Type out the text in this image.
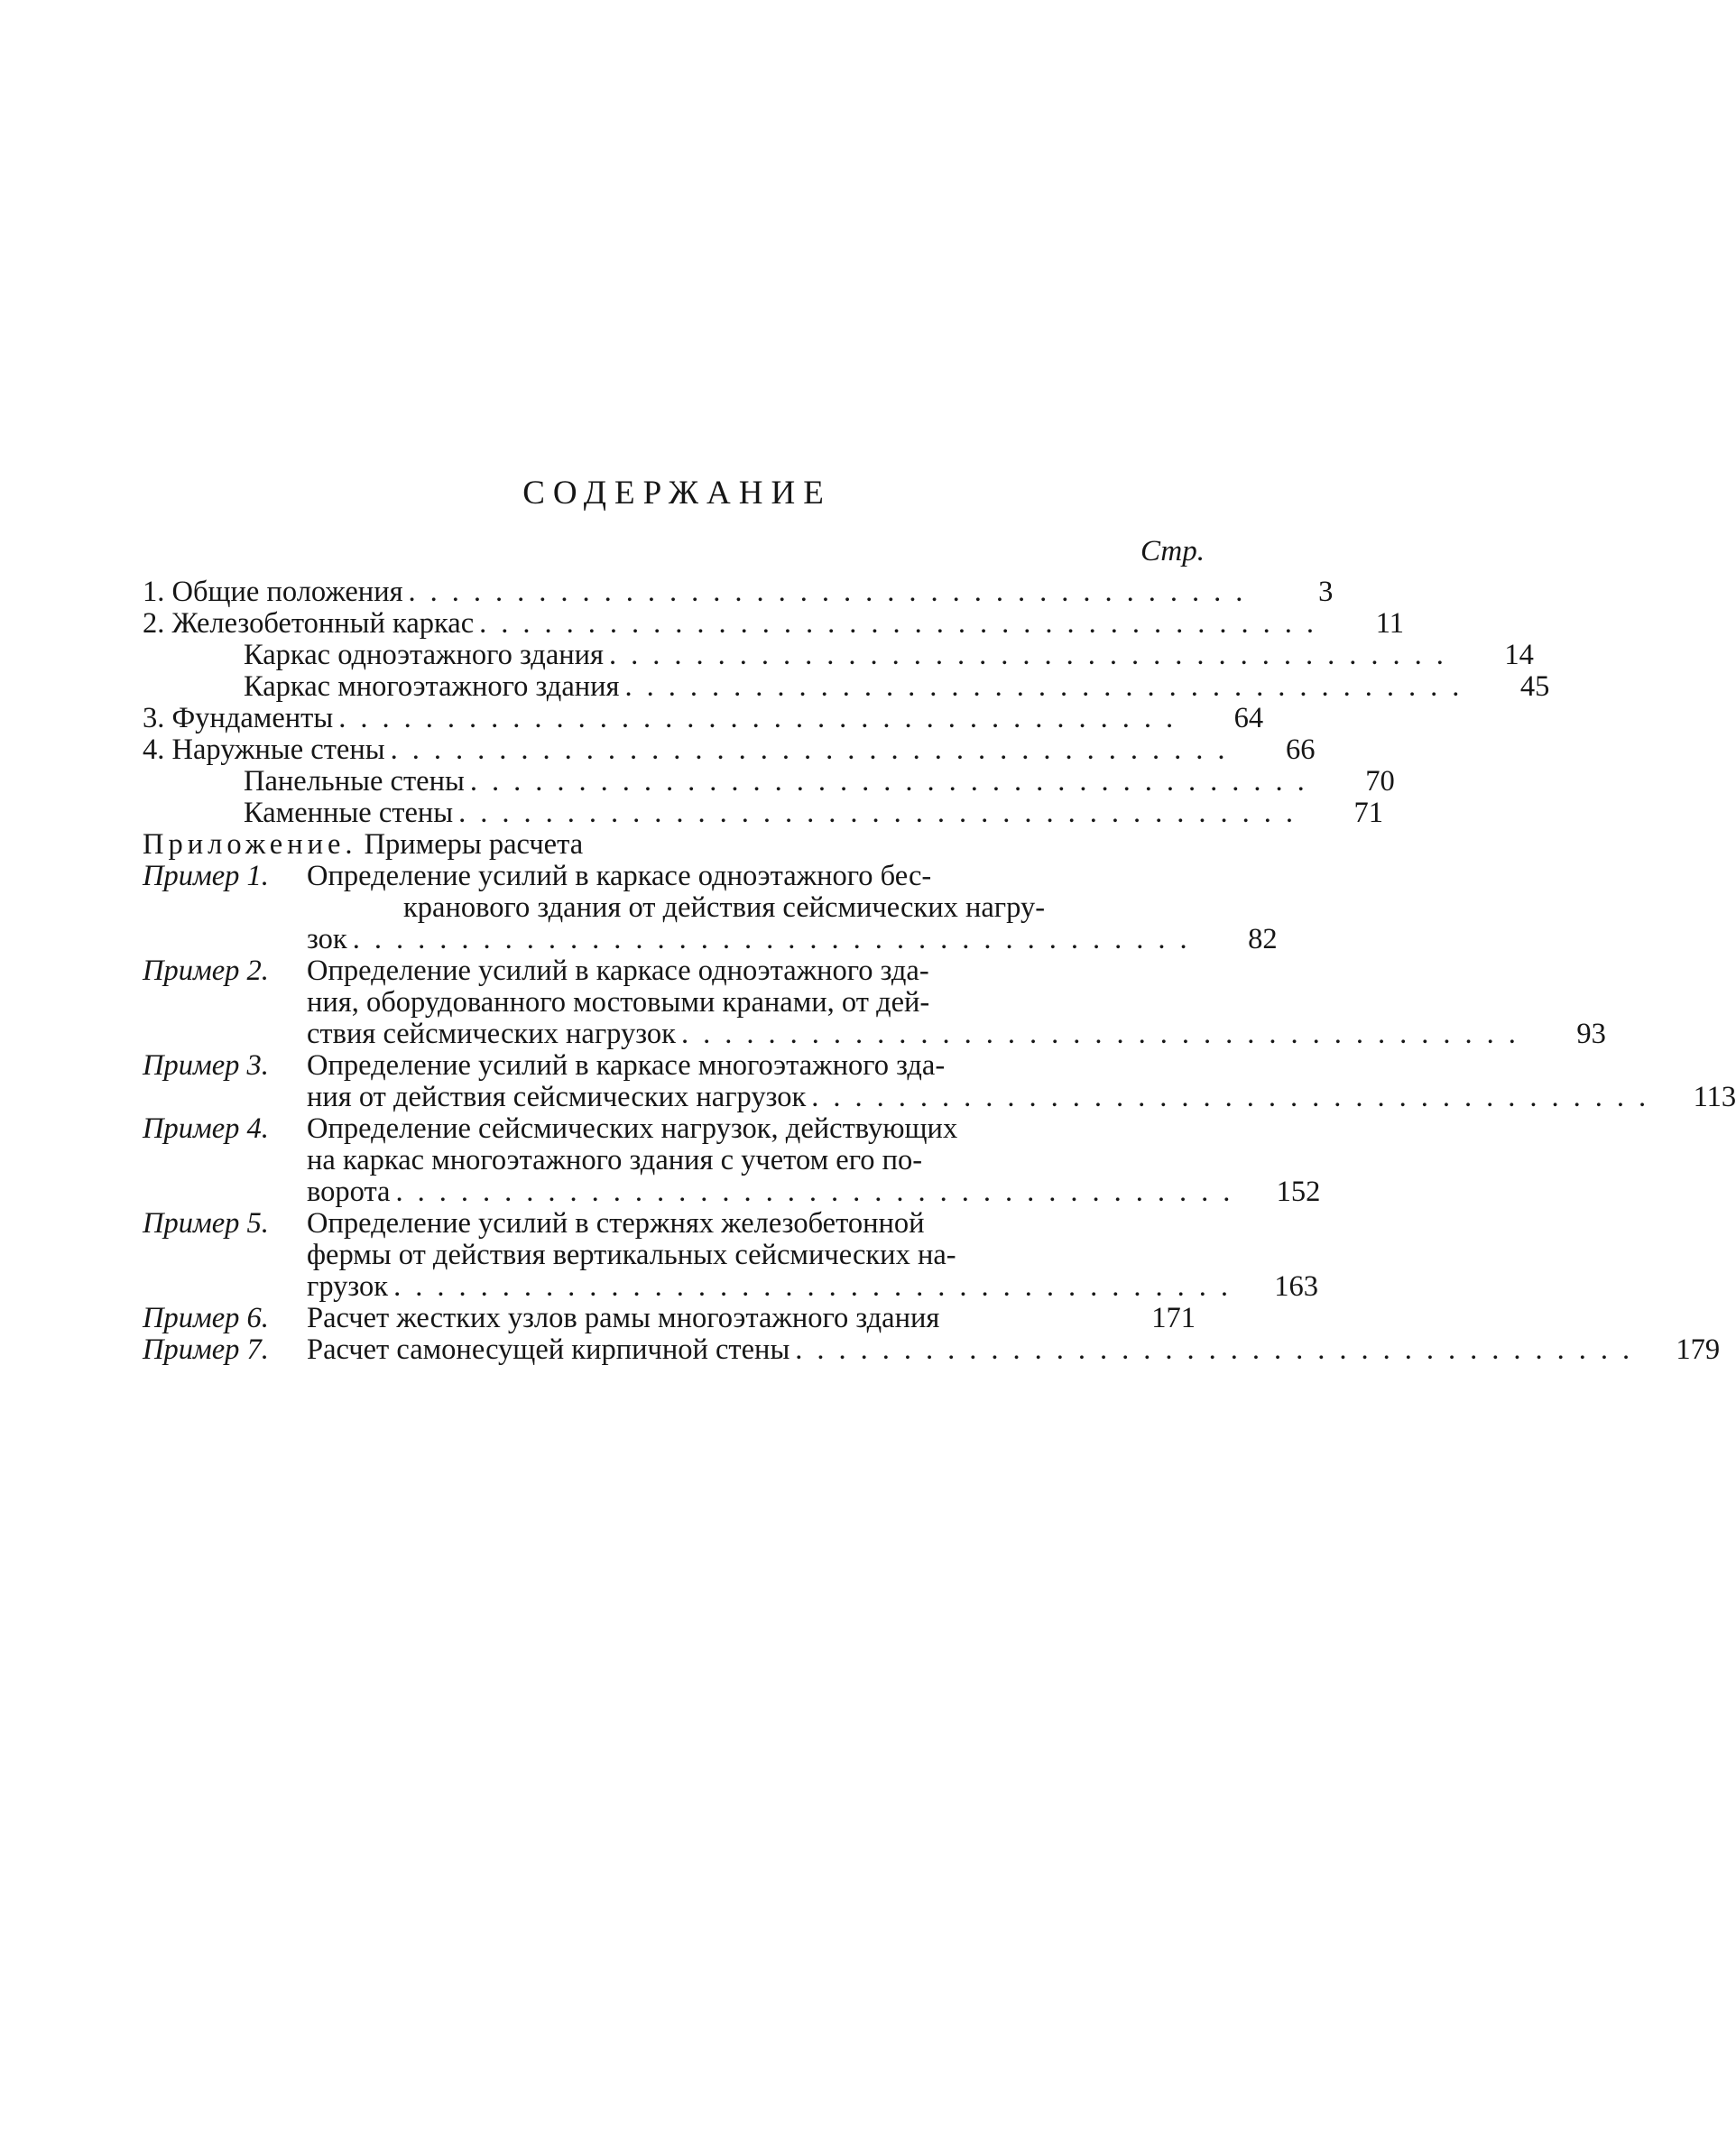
СОДЕРЖАНИЕ
Стр.
1. Общие положения .......................................	3
2. Железобетонный каркас .......................................	11
Каркас одноэтажного здания .......................................	14
Каркас многоэтажного здания .......................................	45
3. Фундаменты .......................................	64
4. Наружные стены .......................................	66
Панельные стены .......................................	70
Каменные стены .......................................	71
Приложение. Примеры расчета
Пример 1.	Определение усилий в каркасе одноэтажного бес-
кранового здания от действия сейсмических нагру-
зок .......................................	82
Пример 2.	Определение усилий в каркасе одноэтажного зда-
ния, оборудованного мостовыми кранами, от дей-
ствия сейсмических нагрузок .......................................	93
Пример 3.	Определение усилий в каркасе многоэтажного зда-
ния от действия сейсмических нагрузок .......................................	113
Пример 4.	Определение сейсмических нагрузок, действующих
на каркас многоэтажного здания с учетом его по-
ворота .......................................	152
Пример 5.	Определение усилий в стержнях железобетонной
фермы от действия вертикальных сейсмических на-
грузок .......................................	163
Пример 6.	Расчет жестких узлов рамы многоэтажного здания	171
Пример 7.	Расчет самонесущей кирпичной стены .......................................	179
